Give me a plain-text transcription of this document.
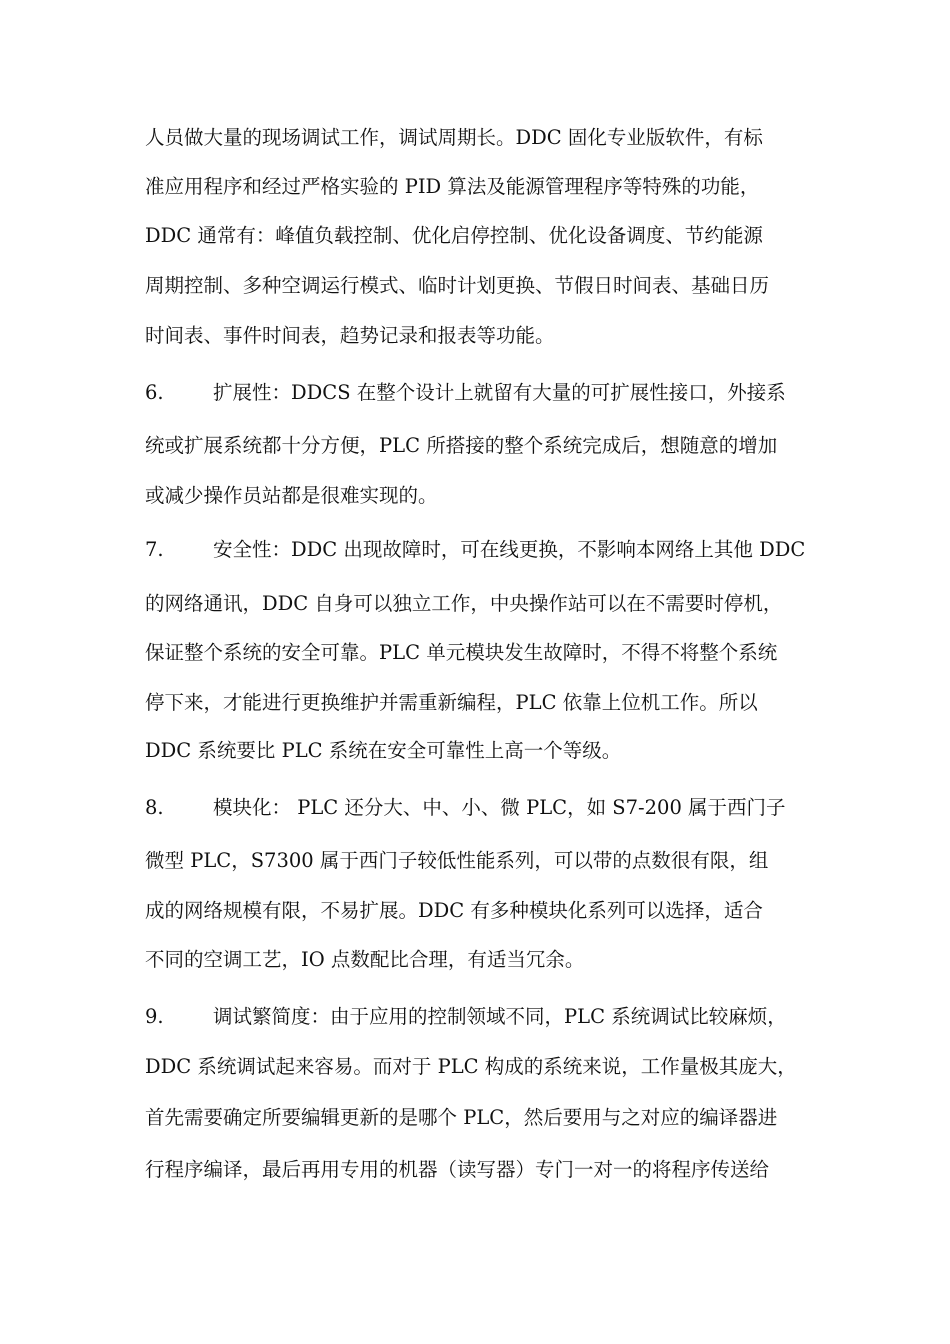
人员做大量的现场调试工作，调试周期长。DDC 固化专业版软件，有标
准应用程序和经过严格实验的 PID 算法及能源管理程序等特殊的功能，
DDC 通常有：峰值负载控制、优化启停控制、优化设备调度、节约能源
周期控制、多种空调运行模式、临时计划更换、节假日时间表、基础日历
时间表、事件时间表，趋势记录和报表等功能。
6.	扩展性：DDCS 在整个设计上就留有大量的可扩展性接口，外接系
统或扩展系统都十分方便，PLC 所搭接的整个系统完成后，想随意的增加
或减少操作员站都是很难实现的。
7.	安全性：DDC 出现故障时，可在线更换，不影响本网络上其他 DDC
的网络通讯，DDC 自身可以独立工作，中央操作站可以在不需要时停机，
保证整个系统的安全可靠。PLC 单元模块发生故障时，不得不将整个系统
停下来，才能进行更换维护并需重新编程，PLC 依靠上位机工作。所以
DDC 系统要比 PLC 系统在安全可靠性上高一个等级。
8.	模块化： PLC 还分大、中、小、微 PLC，如 S7-200 属于西门子
微型 PLC，S7300 属于西门子较低性能系列，可以带的点数很有限，组
成的网络规模有限，不易扩展。DDC 有多种模块化系列可以选择，适合
不同的空调工艺，IO 点数配比合理，有适当冗余。
9.	调试繁简度：由于应用的控制领域不同，PLC 系统调试比较麻烦，
DDC 系统调试起来容易。而对于 PLC 构成的系统来说，工作量极其庞大，
首先需要确定所要编辑更新的是哪个 PLC，然后要用与之对应的编译器进
行程序编译，最后再用专用的机器（读写器）专门一对一的将程序传送给
